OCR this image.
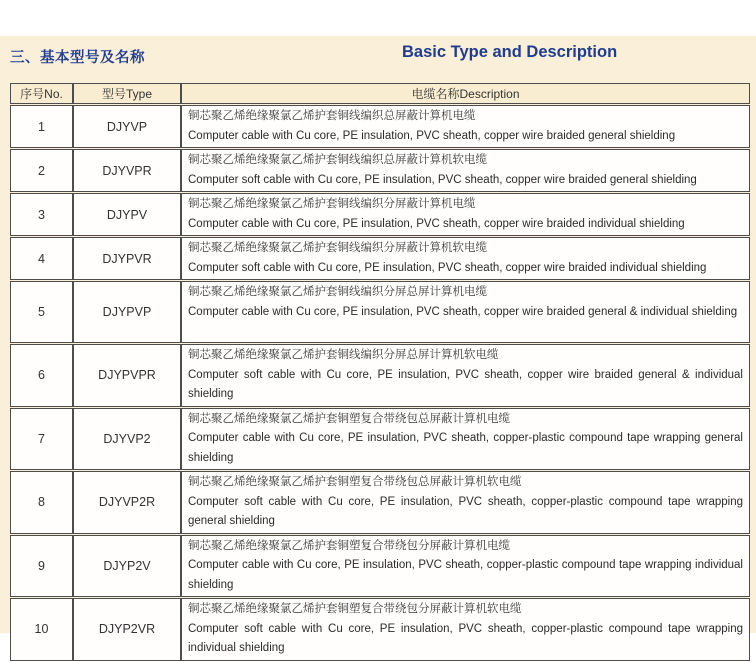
三、基本型号及名称	Basic Type and Description
序号No.	型号Type	电缆名称Description
1	DJYVP	铜芯聚乙烯绝缘聚氯乙烯护套铜线编织总屏蔽计算机电缆
Computer cable with Cu core, PE insulation, PVC sheath, copper wire braided general shielding

2	DJYVPR	铜芯聚乙烯绝缘聚氯乙烯护套铜线编织总屏蔽计算机软电缆
Computer soft cable with Cu core, PE insulation, PVC sheath, copper wire braided general shielding

3	DJYPV	铜芯聚乙烯绝缘聚氯乙烯护套铜线编织分屏蔽计算机电缆
Computer cable with Cu core, PE insulation, PVC sheath, copper wire braided individual shielding

4	DJYPVR	铜芯聚乙烯绝缘聚氯乙烯护套铜线编织分屏蔽计算机软电缆
Computer soft cable with Cu core, PE insulation, PVC sheath, copper wire braided individual shielding

5	DJYPVP	铜芯聚乙烯绝缘聚氯乙烯护套铜线编织分屏总屏计算机电缆
Computer cable with Cu core, PE insulation, PVC sheath, copper wire braided general & individual shielding

6	DJYPVPR	铜芯聚乙烯绝缘聚氯乙烯护套铜线编织分屏总屏计算机软电缆
Computer soft cable with Cu core, PE insulation, PVC sheath, copper wire braided general & individual shielding

7	DJYVP2	铜芯聚乙烯绝缘聚氯乙烯护套铜塑复合带绕包总屏蔽计算机电缆
Computer cable with Cu core, PE insulation, PVC sheath, copper-plastic compound tape wrapping general shielding

8	DJYVP2R	铜芯聚乙烯绝缘聚氯乙烯护套铜塑复合带绕包总屏蔽计算机软电缆
Computer soft cable with Cu core, PE insulation, PVC sheath, copper-plastic compound tape wrapping general shielding

9	DJYP2V	铜芯聚乙烯绝缘聚氯乙烯护套铜塑复合带绕包分屏蔽计算机电缆
Computer cable with Cu core, PE insulation, PVC sheath, copper-plastic compound tape wrapping individual shielding

10	DJYP2VR	铜芯聚乙烯绝缘聚氯乙烯护套铜塑复合带绕包分屏蔽计算机软电缆
Computer soft cable with Cu core, PE insulation, PVC sheath, copper-plastic compound tape wrapping individual shielding
